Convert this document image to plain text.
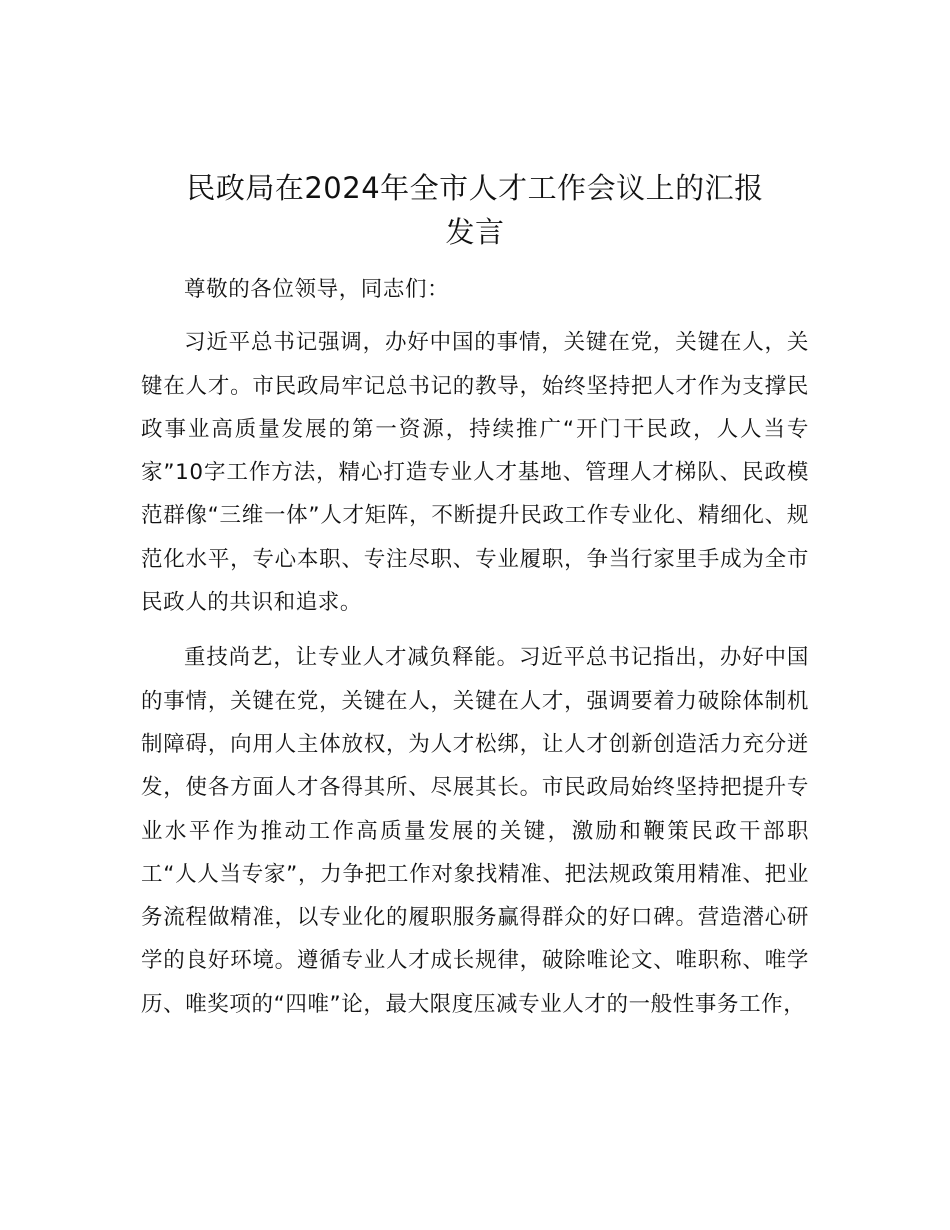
民政局在2024年全市人才工作会议上的汇报
发言

尊敬的各位领导，同志们：

习近平总书记强调，办好中国的事情，关键在党，关键在人，关键在人才。市民政局牢记总书记的教导，始终坚持把人才作为支撑民政事业高质量发展的第一资源，持续推广“开门干民政，人人当专家”10字工作方法，精心打造专业人才基地、管理人才梯队、民政模范群像“三维一体”人才矩阵，不断提升民政工作专业化、精细化、规范化水平，专心本职、专注尽职、专业履职，争当行家里手成为全市民政人的共识和追求。

重技尚艺，让专业人才减负释能。习近平总书记指出，办好中国的事情，关键在党，关键在人，关键在人才，强调要着力破除体制机制障碍，向用人主体放权，为人才松绑，让人才创新创造活力充分迸发，使各方面人才各得其所、尽展其长。市民政局始终坚持把提升专业水平作为推动工作高质量发展的关键，激励和鞭策民政干部职工“人人当专家”，力争把工作对象找精准、把法规政策用精准、把业务流程做精准，以专业化的履职服务赢得群众的好口碑。营造潜心研学的良好环境。遵循专业人才成长规律，破除唯论文、唯职称、唯学历、唯奖项的“四唯”论，最大限度压减专业人才的一般性事务工作，
